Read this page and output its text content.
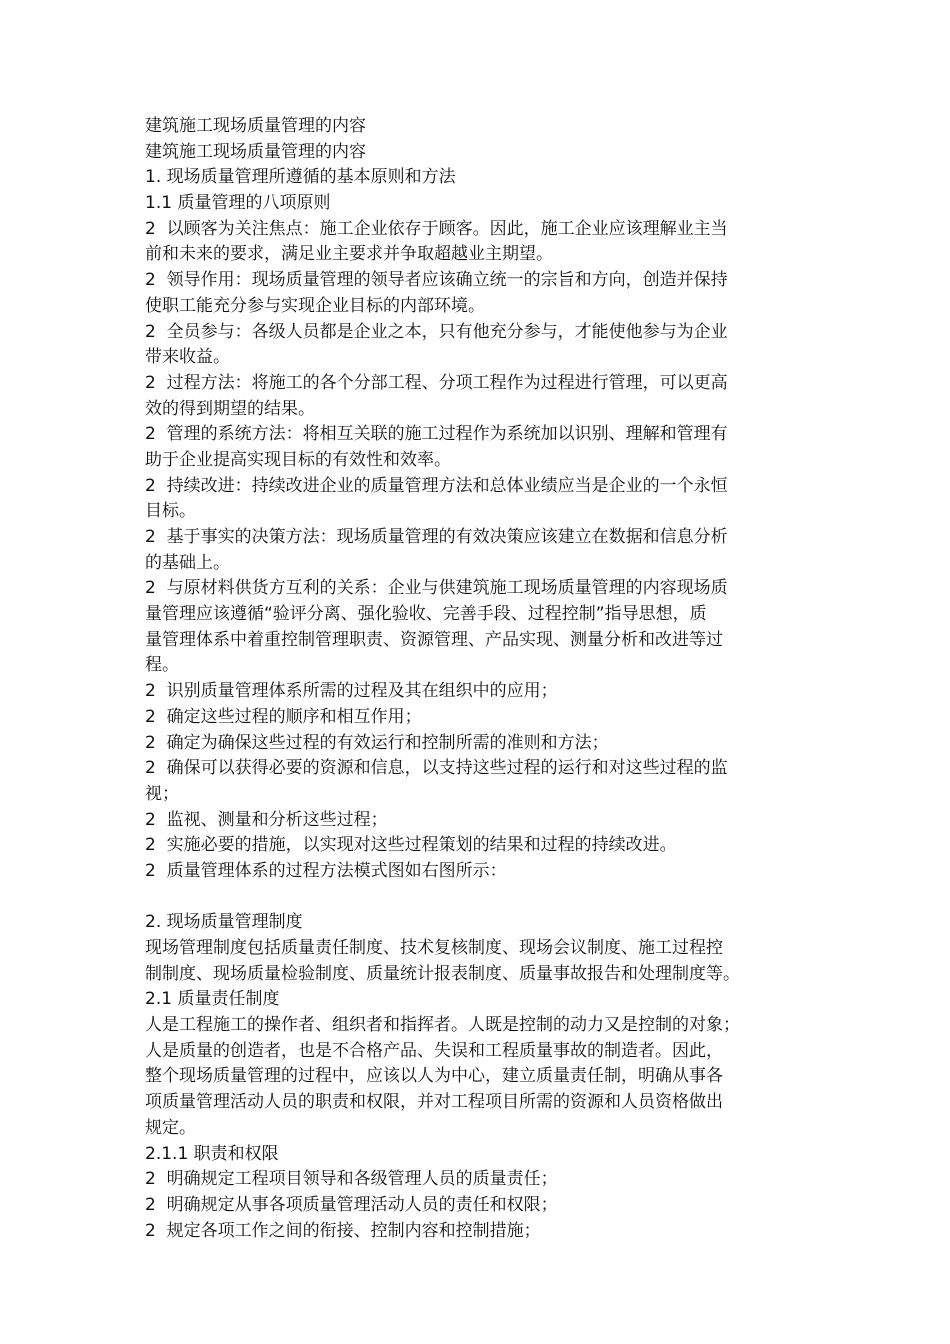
建筑施工现场质量管理的内容
建筑施工现场质量管理的内容
1. 现场质量管理所遵循的基本原则和方法
1.1 质量管理的八项原则
2  以顾客为关注焦点：施工企业依存于顾客。因此，施工企业应该理解业主当
前和未来的要求，满足业主要求并争取超越业主期望。
2  领导作用：现场质量管理的领导者应该确立统一的宗旨和方向，创造并保持
使职工能充分参与实现企业目标的内部环境。
2  全员参与：各级人员都是企业之本，只有他充分参与，才能使他参与为企业
带来收益。
2  过程方法：将施工的各个分部工程、分项工程作为过程进行管理，可以更高
效的得到期望的结果。
2  管理的系统方法：将相互关联的施工过程作为系统加以识别、理解和管理有
助于企业提高实现目标的有效性和效率。
2  持续改进：持续改进企业的质量管理方法和总体业绩应当是企业的一个永恒
目标。
2  基于事实的决策方法：现场质量管理的有效决策应该建立在数据和信息分析
的基础上。
2  与原材料供货方互利的关系：企业与供建筑施工现场质量管理的内容现场质
量管理应该遵循“验评分离、强化验收、完善手段、过程控制”指导思想，质
量管理体系中着重控制管理职责、资源管理、产品实现、测量分析和改进等过
程。
2  识别质量管理体系所需的过程及其在组织中的应用；
2  确定这些过程的顺序和相互作用；
2  确定为确保这些过程的有效运行和控制所需的准则和方法；
2  确保可以获得必要的资源和信息，以支持这些过程的运行和对这些过程的监
视；
2  监视、测量和分析这些过程；
2  实施必要的措施，以实现对这些过程策划的结果和过程的持续改进。
2  质量管理体系的过程方法模式图如右图所示：
2. 现场质量管理制度
现场管理制度包括质量责任制度、技术复核制度、现场会议制度、施工过程控
制制度、现场质量检验制度、质量统计报表制度、质量事故报告和处理制度等。
2.1 质量责任制度
人是工程施工的操作者、组织者和指挥者。人既是控制的动力又是控制的对象；
人是质量的创造者，也是不合格产品、失误和工程质量事故的制造者。因此，
整个现场质量管理的过程中，应该以人为中心，建立质量责任制，明确从事各
项质量管理活动人员的职责和权限，并对工程项目所需的资源和人员资格做出
规定。
2.1.1 职责和权限
2  明确规定工程项目领导和各级管理人员的质量责任；
2  明确规定从事各项质量管理活动人员的责任和权限；
2  规定各项工作之间的衔接、控制内容和控制措施；
